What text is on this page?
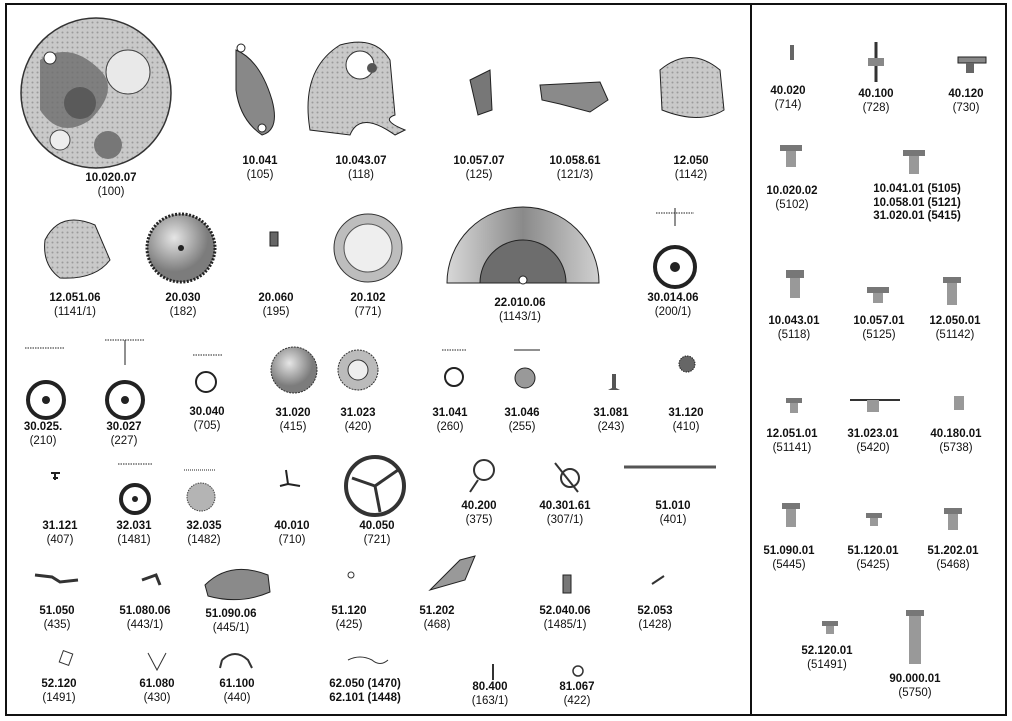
10.020.07
(100)
10.041
(105)
10.043.07
(118)
10.057.07
(125)
10.058.61
(121/3)
12.050
(1142)
12.051.06
(1141/1)
20.030
(182)
20.060
(195)
20.102
(771)
22.010.06
(1143/1)
30.014.06
(200/1)
30.025.
(210)
30.027
(227)
30.040
(705)
31.020
(415)
31.023
(420)
31.041
(260)
31.046
(255)
31.081
(243)
31.120
(410)
31.121
(407)
32.031
(1481)
32.035
(1482)
40.010
(710)
40.050
(721)
40.200
(375)
40.301.61
(307/1)
51.010
(401)
51.050
(435)
51.080.06
(443/1)
51.090.06
(445/1)
51.120
(425)
51.202
(468)
52.040.06
(1485/1)
52.053
(1428)
52.120
(1491)
61.080
(430)
61.100
(440)
62.050 (1470)
62.101 (1448)
80.400
(163/1)
81.067
(422)
40.020
(714)
40.100
(728)
40.120
(730)
10.020.02
(5102)
10.041.01 (5105)
10.058.01 (5121)
31.020.01 (5415)
10.043.01
(5118)
10.057.01
(5125)
12.050.01
(51142)
12.051.01
(51141)
31.023.01
(5420)
40.180.01
(5738)
51.090.01
(5445)
51.120.01
(5425)
51.202.01
(5468)
52.120.01
(51491)
90.000.01
(5750)
